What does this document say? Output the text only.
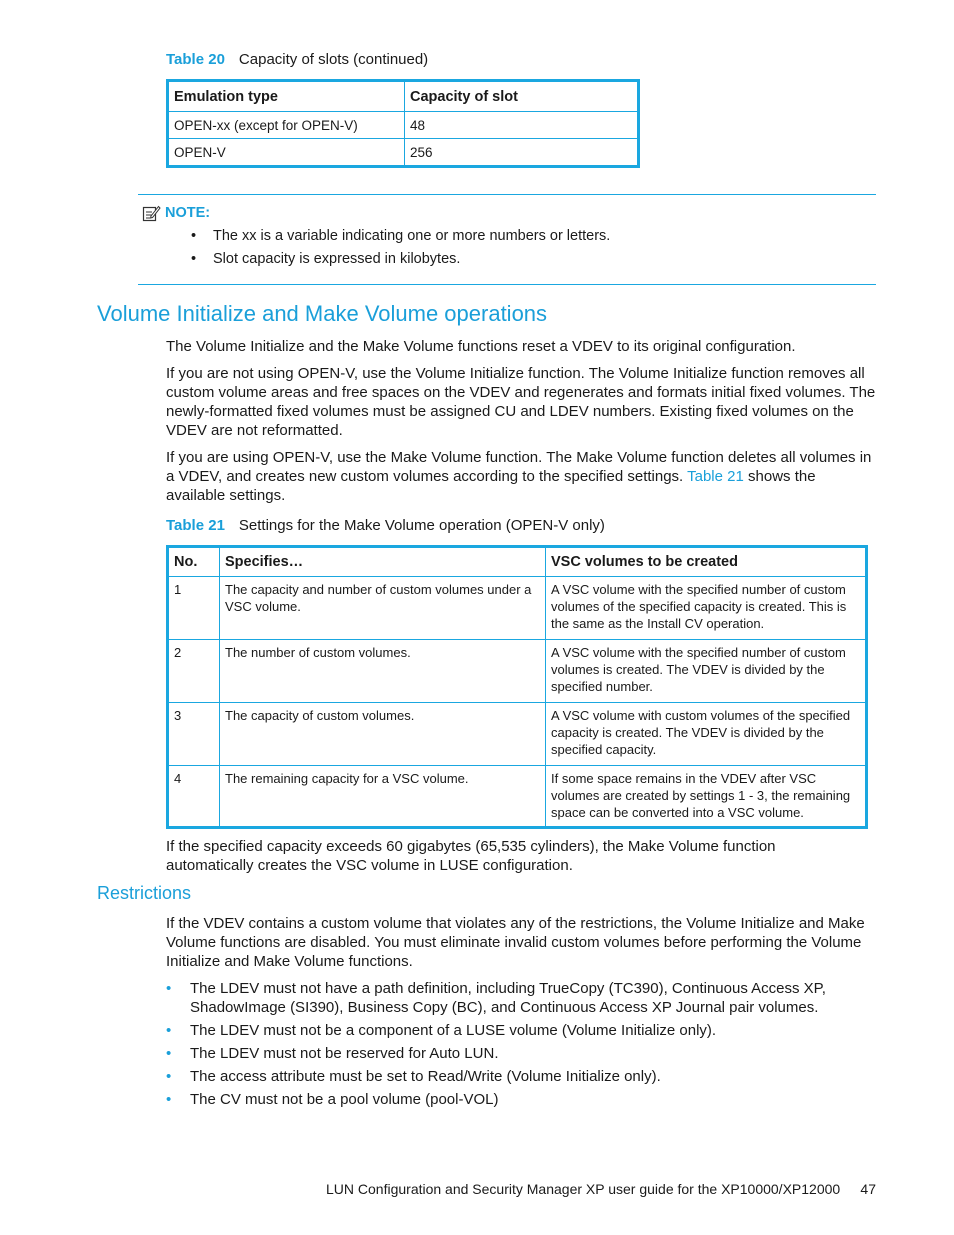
Table 20 Capacity of slots (continued)
Emulation type	Capacity of slot
OPEN-xx (except for OPEN-V)	48
OPEN-V	256
NOTE:
• The xx is a variable indicating one or more numbers or letters.
• Slot capacity is expressed in kilobytes.
Volume Initialize and Make Volume operations

The Volume Initialize and the Make Volume functions reset a VDEV to its original configuration.

If you are not using OPEN-V, use the Volume Initialize function. The Volume Initialize function removes all custom volume areas and free spaces on the VDEV and regenerates and formats initial fixed volumes. The newly-formatted fixed volumes must be assigned CU and LDEV numbers. Existing fixed volumes on the VDEV are not reformatted.

If you are using OPEN-V, use the Make Volume function. The Make Volume function deletes all volumes in a VDEV, and creates new custom volumes according to the specified settings. Table 21 shows the available settings.

Table 21 Settings for the Make Volume operation (OPEN-V only)
No.	Specifies…	VSC volumes to be created
1	The capacity and number of custom volumes under a VSC volume.	A VSC volume with the specified number of custom volumes of the specified capacity is created. This is the same as the Install CV operation.
2	The number of custom volumes.	A VSC volume with the specified number of custom volumes is created. The VDEV is divided by the specified number.
3	The capacity of custom volumes.	A VSC volume with custom volumes of the specified capacity is created. The VDEV is divided by the specified capacity.
4	The remaining capacity for a VSC volume.	If some space remains in the VDEV after VSC volumes are created by settings 1 - 3, the remaining space can be converted into a VSC volume.

If the specified capacity exceeds 60 gigabytes (65,535 cylinders), the Make Volume function automatically creates the VSC volume in LUSE configuration.

Restrictions

If the VDEV contains a custom volume that violates any of the restrictions, the Volume Initialize and Make Volume functions are disabled. You must eliminate invalid custom volumes before performing the Volume Initialize and Make Volume functions.

• The LDEV must not have a path definition, including TrueCopy (TC390), Continuous Access XP, ShadowImage (SI390), Business Copy (BC), and Continuous Access XP Journal pair volumes.
• The LDEV must not be a component of a LUSE volume (Volume Initialize only).
• The LDEV must not be reserved for Auto LUN.
• The access attribute must be set to Read/Write (Volume Initialize only).
• The CV must not be a pool volume (pool-VOL)
LUN Configuration and Security Manager XP user guide for the XP10000/XP12000 47
